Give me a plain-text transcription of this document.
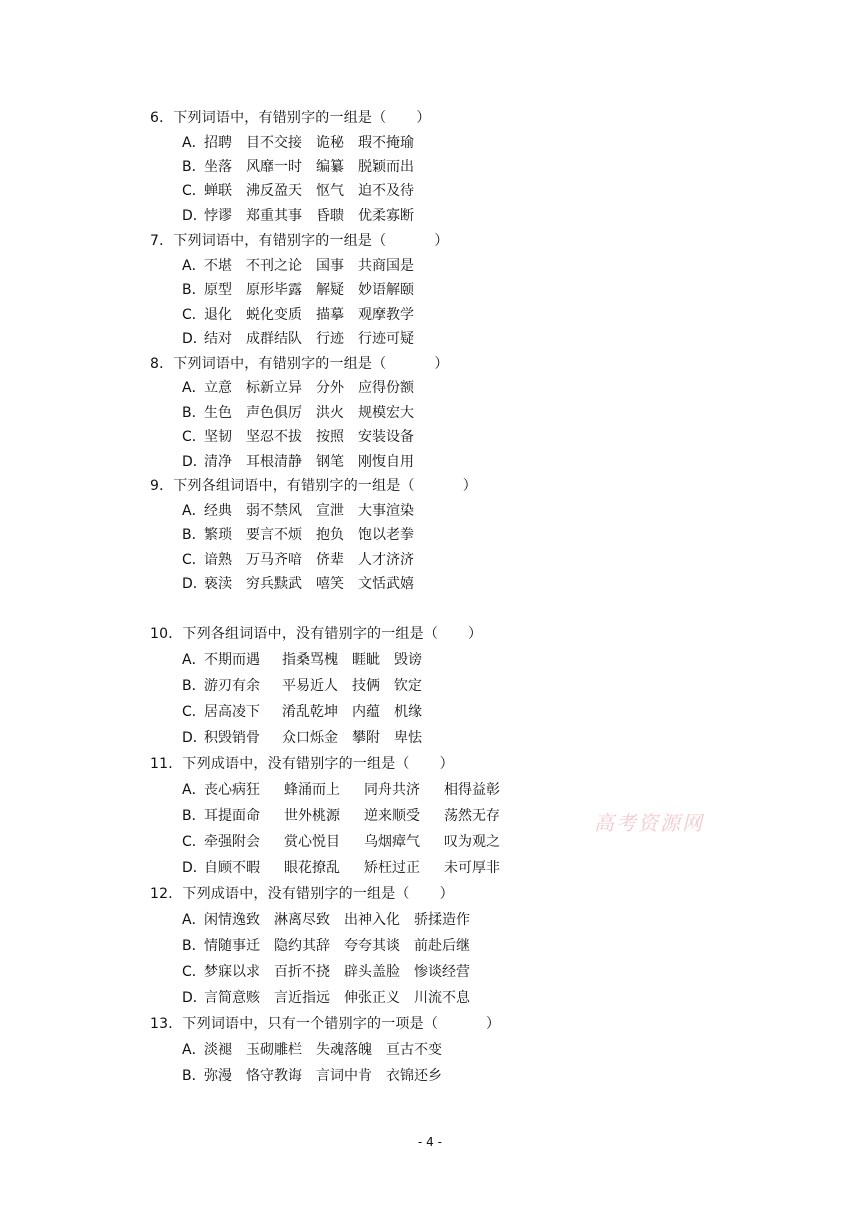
6．下列词语中，有错别字的一组是（ ）
A．招聘 目不交接 诡秘 瑕不掩瑜
B．坐落 风靡一时 编纂 脱颖而出
C．蝉联 沸反盈天 怄气 迫不及待
D．悖谬 郑重其事 昏聩 优柔寡断
7．下列词语中，有错别字的一组是（	）
A．不堪 不刊之论 国事 共商国是
B．原型 原形毕露 解疑 妙语解颐
C．退化 蜕化变质 描摹 观摩教学
D．结对 成群结队 行迹 行迹可疑
8．下列词语中，有错别字的一组是（	）
A．立意 标新立异 分外 应得份额
B．生色 声色俱厉 洪火 规模宏大
C．坚韧 坚忍不拔 按照 安装设备
D．清净 耳根清静 钢笔 刚愎自用
9．下列各组词语中，有错别字的一组是（	）
A．经典 弱不禁风 宣泄 大事渲染
B．繁琐 要言不烦 抱负 饱以老拳
C．谙熟 万马齐喑 侪辈 人才济济
D．亵渎 穷兵黩武 嘻笑 文恬武嬉
10．下列各组词语中，没有错别字的一组是（ ）
A．不期而遇 指桑骂槐 睚眦 毁谤
B．游刃有余 平易近人 技俩 钦定
C．居高凌下 淆乱乾坤 内蕴 机缘
D．积毁销骨 众口烁金 攀附 卑怯
11．下列成语中，没有错别字的一组是（ ）
A．丧心病狂 蜂涌而上 同舟共济 相得益彰
B．耳提面命 世外桃源 逆来顺受 荡然无存
C．牵强附会 赏心悦目 乌烟瘴气 叹为观之
D．自顾不暇 眼花撩乱 矫枉过正 未可厚非
高考资源网
12．下列成语中，没有错别字的一组是（ ）
A．闲情逸致 淋离尽致 出神入化 骄揉造作
B．情随事迁 隐约其辞 夸夸其谈 前赴后继
C．梦寐以求 百折不挠 辟头盖脸 惨谈经营
D．言简意赅 言近指远 伸张正义 川流不息
13．下列词语中，只有一个错别字的一项是（	）
A．淡褪 玉砌雕栏 失魂落魄 亘古不变
B．弥漫 恪守教诲 言词中肯 衣锦还乡
- 4 -
